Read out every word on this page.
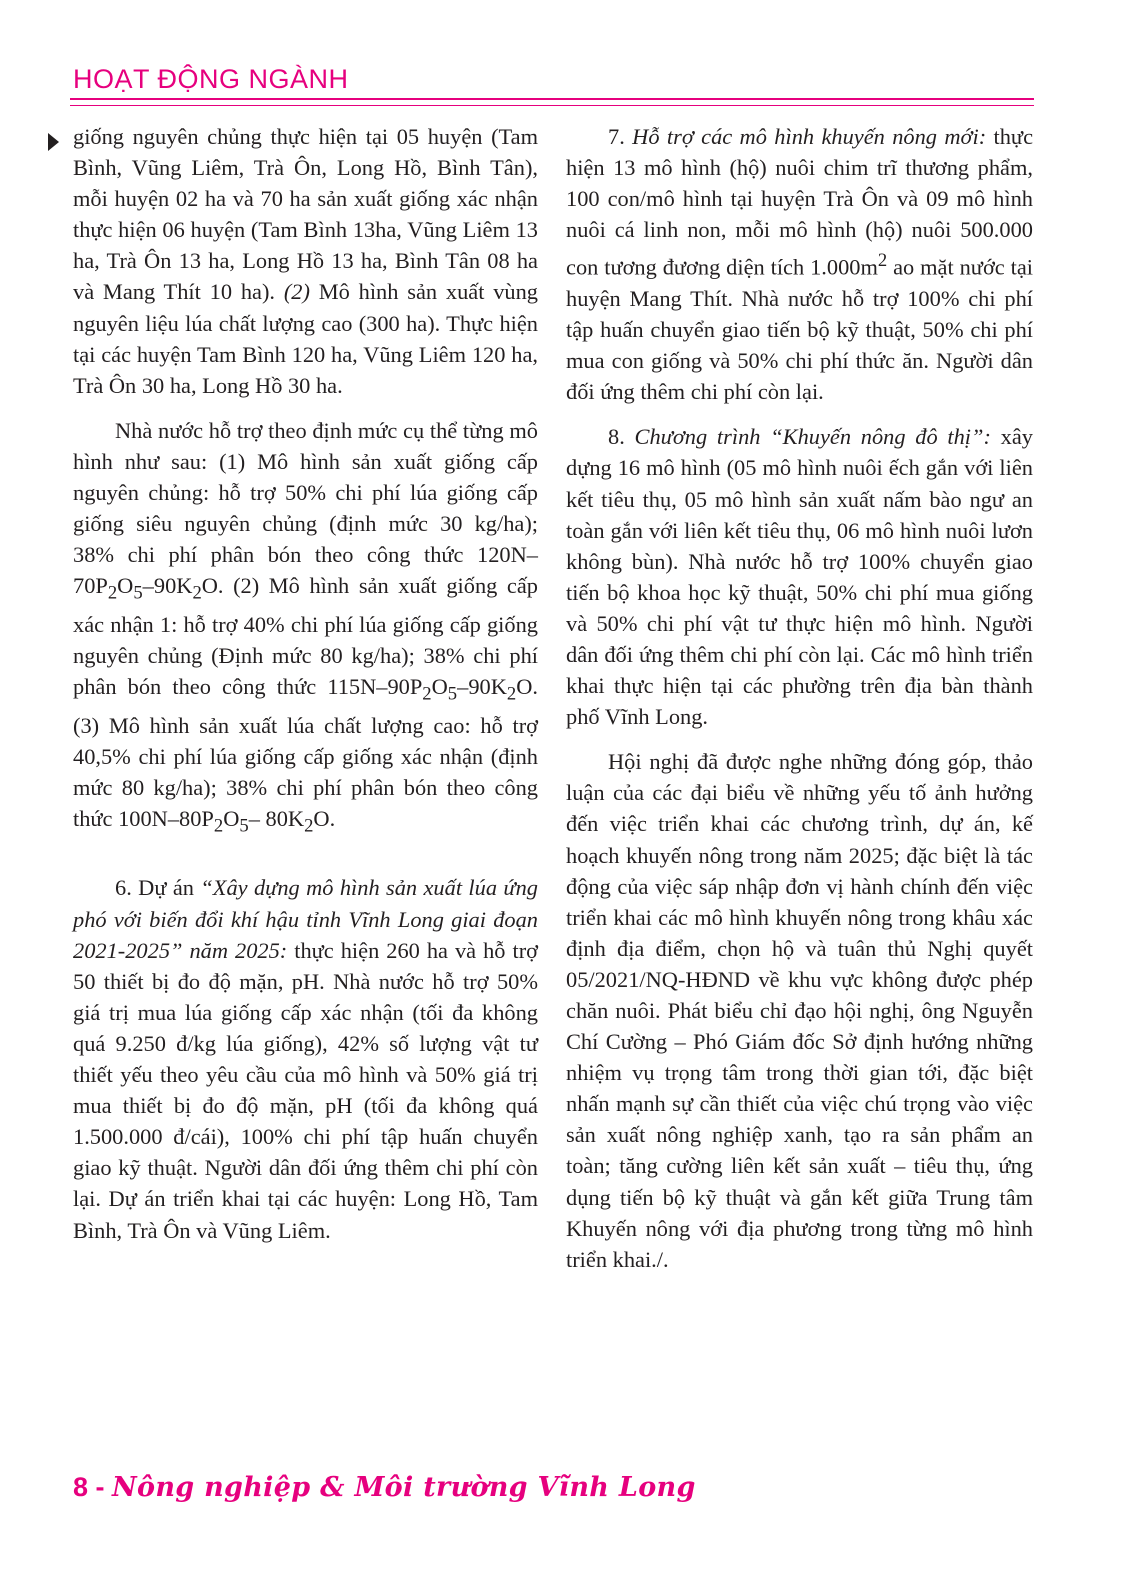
HOẠT ĐỘNG NGÀNH

giống nguyên chủng thực hiện tại 05 huyện (Tam Bình, Vũng Liêm, Trà Ôn, Long Hồ, Bình Tân), mỗi huyện 02 ha và 70 ha sản xuất giống xác nhận thực hiện 06 huyện (Tam Bình 13ha, Vũng Liêm 13 ha, Trà Ôn 13 ha, Long Hồ 13 ha, Bình Tân 08 ha và Mang Thít 10 ha). (2) Mô hình sản xuất vùng nguyên liệu lúa chất lượng cao (300 ha). Thực hiện tại các huyện Tam Bình 120 ha, Vũng Liêm 120 ha, Trà Ôn 30 ha, Long Hồ 30 ha.

Nhà nước hỗ trợ theo định mức cụ thể từng mô hình như sau: (1) Mô hình sản xuất giống cấp nguyên chủng: hỗ trợ 50% chi phí lúa giống cấp giống siêu nguyên chủng (định mức 30 kg/ha); 38% chi phí phân bón theo công thức $120N-70P_2O_5-90K_2O$. (2) Mô hình sản xuất giống cấp xác nhận 1: hỗ trợ 40% chi phí lúa giống cấp giống nguyên chủng (Định mức 80 kg/ha); 38% chi phí phân bón theo công thức $115N-90P_2O_5-90K_2O$. (3) Mô hình sản xuất lúa chất lượng cao: hỗ trợ 40,5% chi phí lúa giống cấp giống xác nhận (định mức 80 kg/ha); 38% chi phí phân bón theo công thức $100N-80P_2O_5-$ $80K_2O$.

6. Dự án “Xây dựng mô hình sản xuất lúa ứng phó với biến đổi khí hậu tỉnh Vĩnh Long giai đoạn 2021-2025” năm 2025: thực hiện 260 ha và hỗ trợ 50 thiết bị đo độ mặn, pH. Nhà nước hỗ trợ 50% giá trị mua lúa giống cấp xác nhận (tối đa không quá 9.250 đ/kg lúa giống), 42% số lượng vật tư thiết yếu theo yêu cầu của mô hình và 50% giá trị mua thiết bị đo độ mặn, pH (tối đa không quá 1.500.000 đ/cái), 100% chi phí tập huấn chuyển giao kỹ thuật. Người dân đối ứng thêm chi phí còn lại. Dự án triển khai tại các huyện: Long Hồ, Tam Bình, Trà Ôn và Vũng Liêm.

7. Hỗ trợ các mô hình khuyến nông mới: thực hiện 13 mô hình (hộ) nuôi chim trĩ thương phẩm, 100 con/mô hình tại huyện Trà Ôn và 09 mô hình nuôi cá linh non, mỗi mô hình (hộ) nuôi 500.000 con tương đương diện tích $1.000m^2$ ao mặt nước tại huyện Mang Thít. Nhà nước hỗ trợ 100% chi phí tập huấn chuyển giao tiến bộ kỹ thuật, 50% chi phí mua con giống và 50% chi phí thức ăn. Người dân đối ứng thêm chi phí còn lại.

8. Chương trình “Khuyến nông đô thị”: xây dựng 16 mô hình (05 mô hình nuôi ếch gắn với liên kết tiêu thụ, 05 mô hình sản xuất nấm bào ngư an toàn gắn với liên kết tiêu thụ, 06 mô hình nuôi lươn không bùn). Nhà nước hỗ trợ 100% chuyển giao tiến bộ khoa học kỹ thuật, 50% chi phí mua giống và 50% chi phí vật tư thực hiện mô hình. Người dân đối ứng thêm chi phí còn lại. Các mô hình triển khai thực hiện tại các phường trên địa bàn thành phố Vĩnh Long.

Hội nghị đã được nghe những đóng góp, thảo luận của các đại biểu về những yếu tố ảnh hưởng đến việc triển khai các chương trình, dự án, kế hoạch khuyến nông trong năm 2025; đặc biệt là tác động của việc sáp nhập đơn vị hành chính đến việc triển khai các mô hình khuyến nông trong khâu xác định địa điểm, chọn hộ và tuân thủ Nghị quyết 05/2021/NQ-HĐND về khu vực không được phép chăn nuôi. Phát biểu chỉ đạo hội nghị, ông Nguyễn Chí Cường – Phó Giám đốc Sở định hướng những nhiệm vụ trọng tâm trong thời gian tới, đặc biệt nhấn mạnh sự cần thiết của việc chú trọng vào việc sản xuất nông nghiệp xanh, tạo ra sản phẩm an toàn; tăng cường liên kết sản xuất – tiêu thụ, ứng dụng tiến bộ kỹ thuật và gắn kết giữa Trung tâm Khuyến nông với địa phương trong từng mô hình triển khai./.

8 - Nông nghiệp & Môi trường Vĩnh Long
